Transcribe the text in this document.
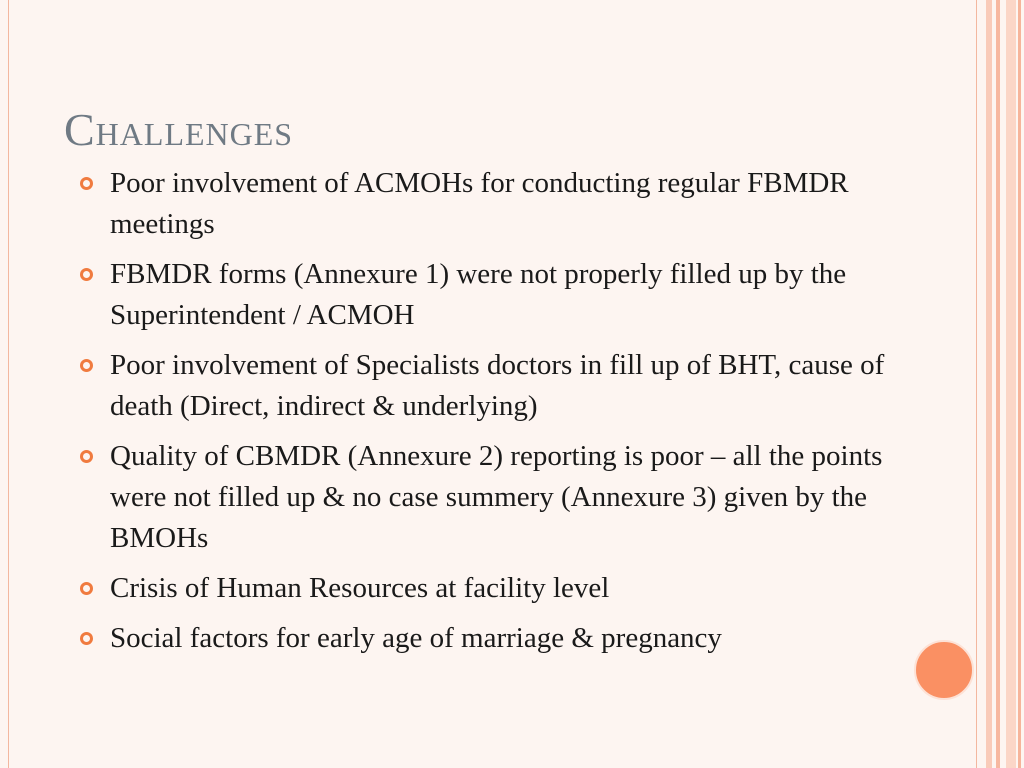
Challenges
Poor involvement of ACMOHs for conducting regular FBMDR meetings
FBMDR forms (Annexure 1) were not properly filled up by the Superintendent / ACMOH
Poor involvement of Specialists doctors in fill up of BHT, cause of death (Direct, indirect & underlying)
Quality of CBMDR (Annexure 2) reporting is poor – all the points were not filled up & no case summery (Annexure 3) given by the BMOHs
Crisis of Human Resources at facility level
Social factors for early age of marriage & pregnancy
